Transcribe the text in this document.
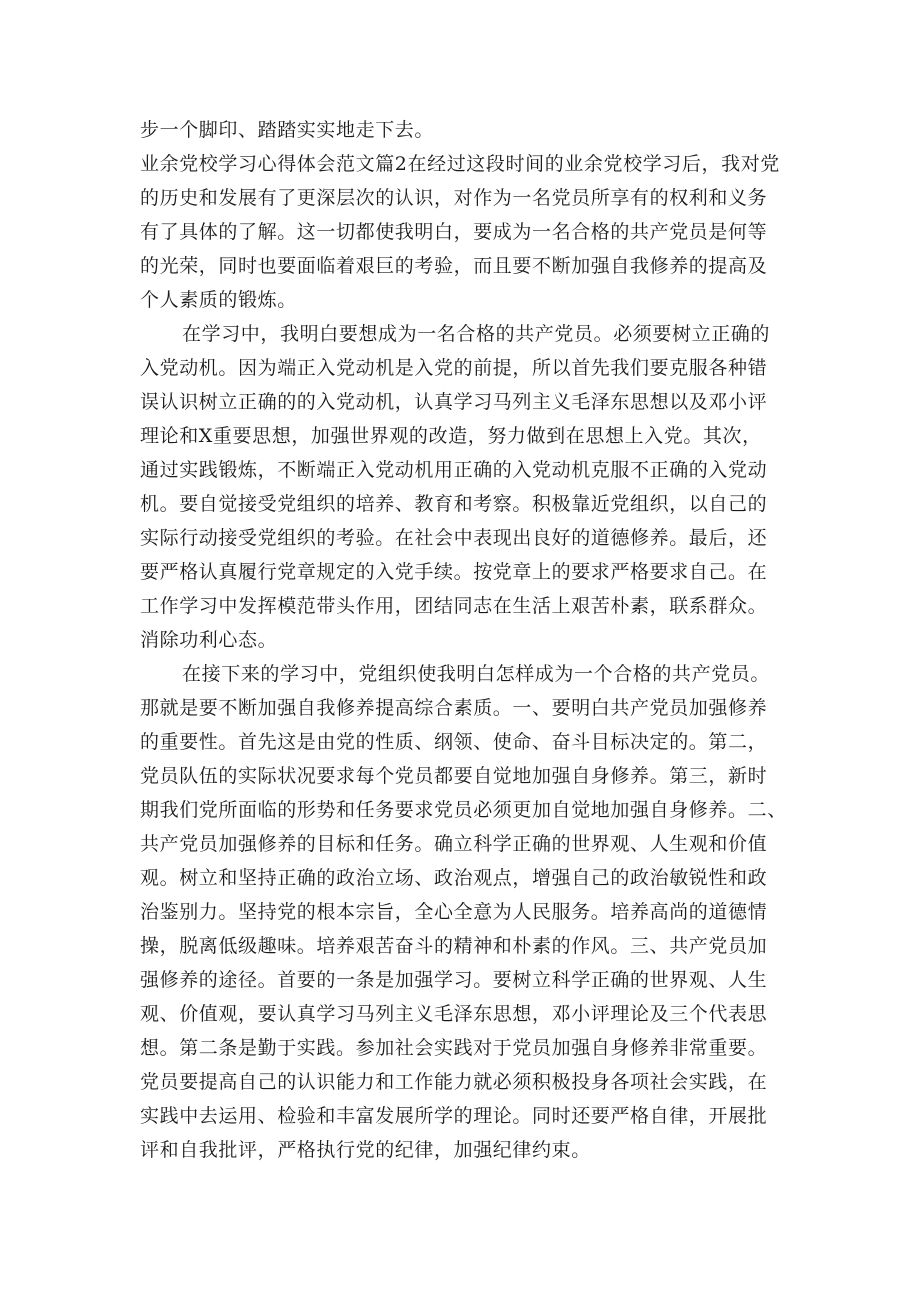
步一个脚印、踏踏实实地走下去。
业余党校学习心得体会范文篇2在经过这段时间的业余党校学习后，我对党
的历史和发展有了更深层次的认识，对作为一名党员所享有的权利和义务
有了具体的了解。这一切都使我明白，要成为一名合格的共产党员是何等
的光荣，同时也要面临着艰巨的考验，而且要不断加强自我修养的提高及
个人素质的锻炼。
在学习中，我明白要想成为一名合格的共产党员。必须要树立正确的
入党动机。因为端正入党动机是入党的前提，所以首先我们要克服各种错
误认识树立正确的的入党动机，认真学习马列主义毛泽东思想以及邓小评
理论和X重要思想，加强世界观的改造，努力做到在思想上入党。其次，
通过实践锻炼，不断端正入党动机用正确的入党动机克服不正确的入党动
机。要自觉接受党组织的培养、教育和考察。积极靠近党组织，以自己的
实际行动接受党组织的考验。在社会中表现出良好的道德修养。最后，还
要严格认真履行党章规定的入党手续。按党章上的要求严格要求自己。在
工作学习中发挥模范带头作用，团结同志在生活上艰苦朴素，联系群众。
消除功利心态。
在接下来的学习中，党组织使我明白怎样成为一个合格的共产党员。
那就是要不断加强自我修养提高综合素质。一、要明白共产党员加强修养
的重要性。首先这是由党的性质、纲领、使命、奋斗目标决定的。第二，
党员队伍的实际状况要求每个党员都要自觉地加强自身修养。第三，新时
期我们党所面临的形势和任务要求党员必须更加自觉地加强自身修养。二、
共产党员加强修养的目标和任务。确立科学正确的世界观、人生观和价值
观。树立和坚持正确的政治立场、政治观点，增强自己的政治敏锐性和政
治鉴别力。坚持党的根本宗旨，全心全意为人民服务。培养高尚的道德情
操，脱离低级趣味。培养艰苦奋斗的精神和朴素的作风。三、共产党员加
强修养的途径。首要的一条是加强学习。要树立科学正确的世界观、人生
观、价值观，要认真学习马列主义毛泽东思想，邓小评理论及三个代表思
想。第二条是勤于实践。参加社会实践对于党员加强自身修养非常重要。
党员要提高自己的认识能力和工作能力就必须积极投身各项社会实践，在
实践中去运用、检验和丰富发展所学的理论。同时还要严格自律，开展批
评和自我批评，严格执行党的纪律，加强纪律约束。
